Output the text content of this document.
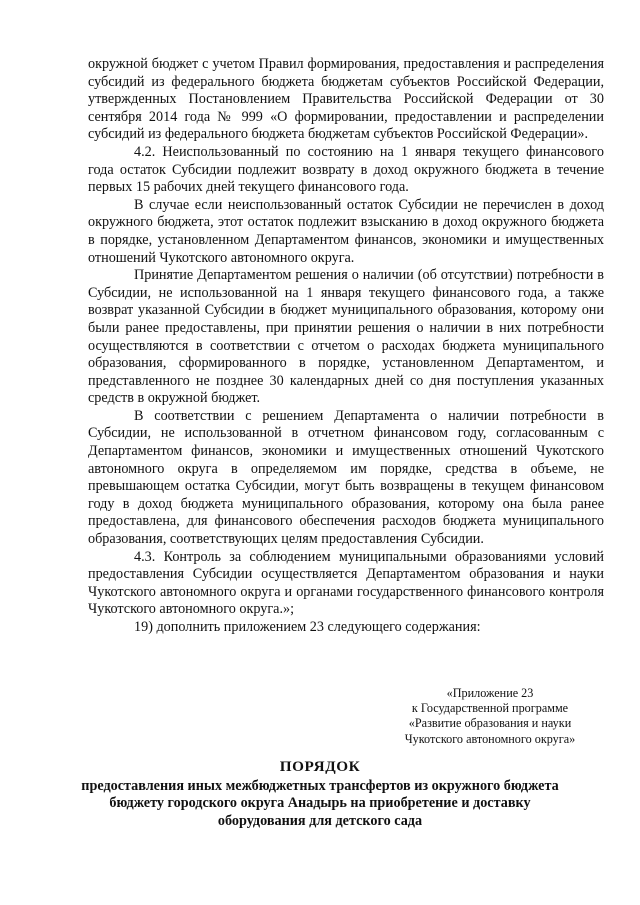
окружной бюджет с учетом Правил формирования, предоставления и распределения субсидий из федерального бюджета бюджетам субъектов Российской Федерации, утвержденных Постановлением Правительства Российской Федерации от 30 сентября 2014 года № 999 «О формировании, предоставлении и распределении субсидий из федерального бюджета бюджетам субъектов Российской Федерации».

4.2. Неиспользованный по состоянию на 1 января текущего финансового года остаток Субсидии подлежит возврату в доход окружного бюджета в течение первых 15 рабочих дней текущего финансового года.

В случае если неиспользованный остаток Субсидии не перечислен в доход окружного бюджета, этот остаток подлежит взысканию в доход окружного бюджета в порядке, установленном Департаментом финансов, экономики и имущественных отношений Чукотского автономного округа.

Принятие Департаментом решения о наличии (об отсутствии) потребности в Субсидии, не использованной на 1 января текущего финансового года, а также возврат указанной Субсидии в бюджет муниципального образования, которому они были ранее предоставлены, при принятии решения о наличии в них потребности осуществляются в соответствии с отчетом о расходах бюджета муниципального образования, сформированного в порядке, установленном Департаментом, и представленного не позднее 30 календарных дней со дня поступления указанных средств в окружной бюджет.

В соответствии с решением Департамента о наличии потребности в Субсидии, не использованной в отчетном финансовом году, согласованным с Департаментом финансов, экономики и имущественных отношений Чукотского автономного округа в определяемом им порядке, средства в объеме, не превышающем остатка Субсидии, могут быть возвращены в текущем финансовом году в доход бюджета муниципального образования, которому она была ранее предоставлена, для финансового обеспечения расходов бюджета муниципального образования, соответствующих целям предоставления Субсидии.

4.3. Контроль за соблюдением муниципальными образованиями условий предоставления Субсидии осуществляется Департаментом образования и науки Чукотского автономного округа и органами государственного финансового контроля Чукотского автономного округа.»;

19) дополнить приложением 23 следующего содержания:

«Приложение 23
к Государственной программе
«Развитие образования и науки
Чукотского автономного округа»
ПОРЯДОК
предоставления иных межбюджетных трансфертов из окружного бюджета
бюджету городского округа Анадырь на приобретение и доставку
оборудования для детского сада
